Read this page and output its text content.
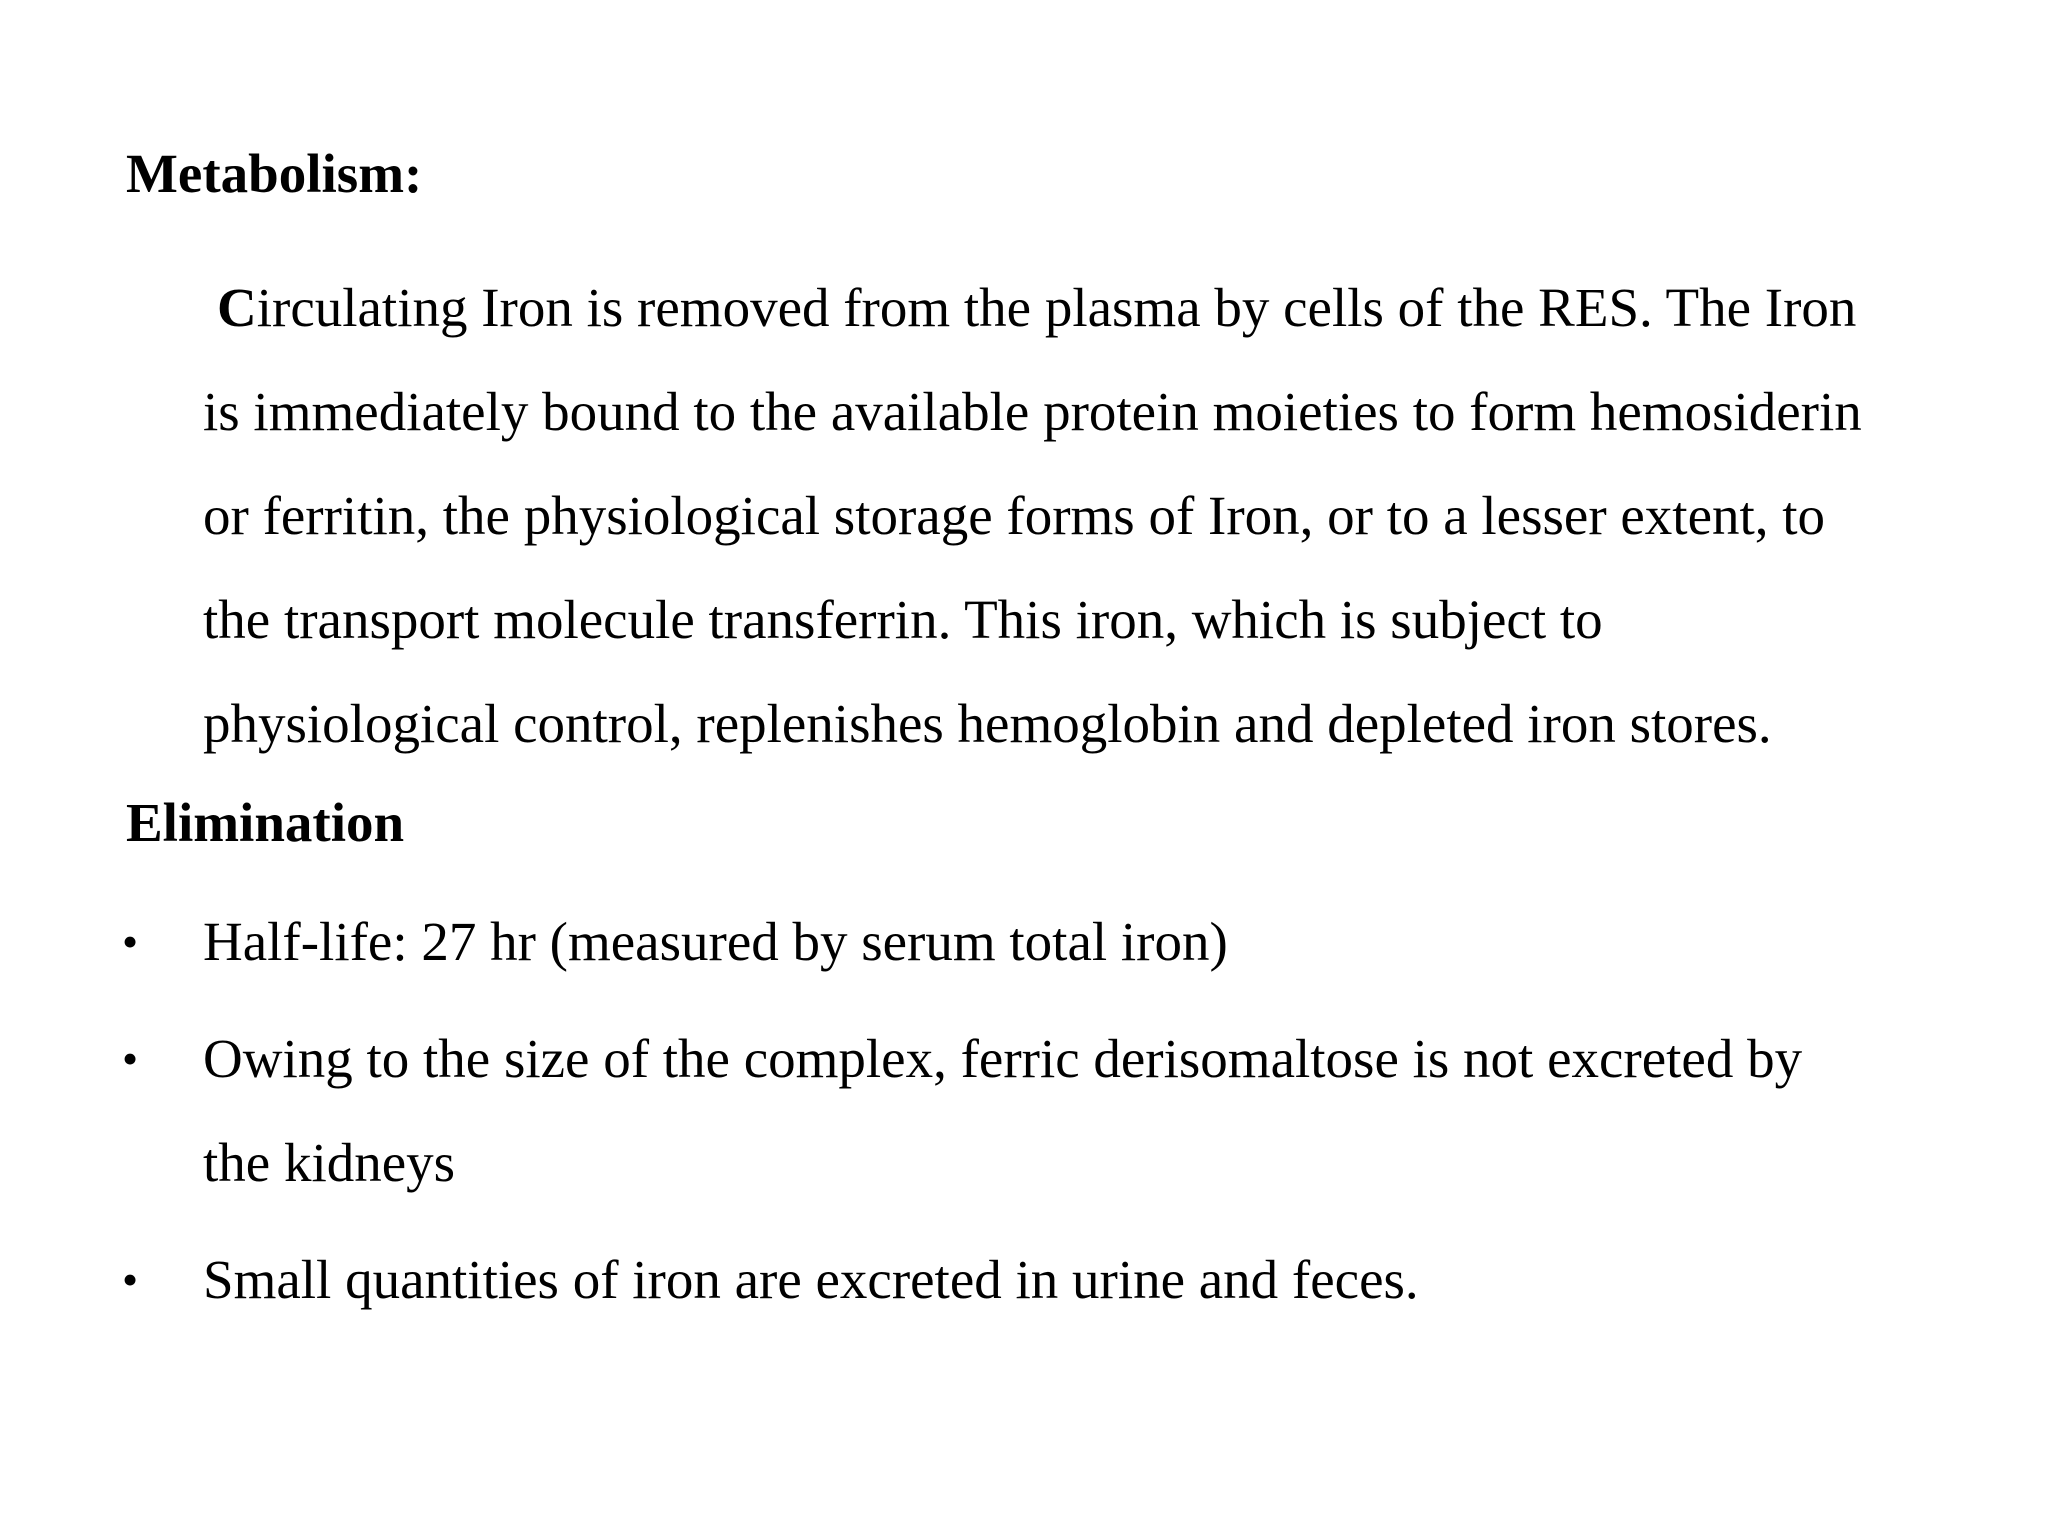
Metabolism:

Circulating Iron is removed from the plasma by cells of the RES. The Iron
is immediately bound to the available protein moieties to form hemosiderin
or ferritin, the physiological storage forms of Iron, or to a lesser extent, to
the transport molecule transferrin. This iron, which is subject to
physiological control, replenishes hemoglobin and depleted iron stores.

Elimination
• Half-life: 27 hr (measured by serum total iron)
• Owing to the size of the complex, ferric derisomaltose is not excreted by
the kidneys
• Small quantities of iron are excreted in urine and feces.
